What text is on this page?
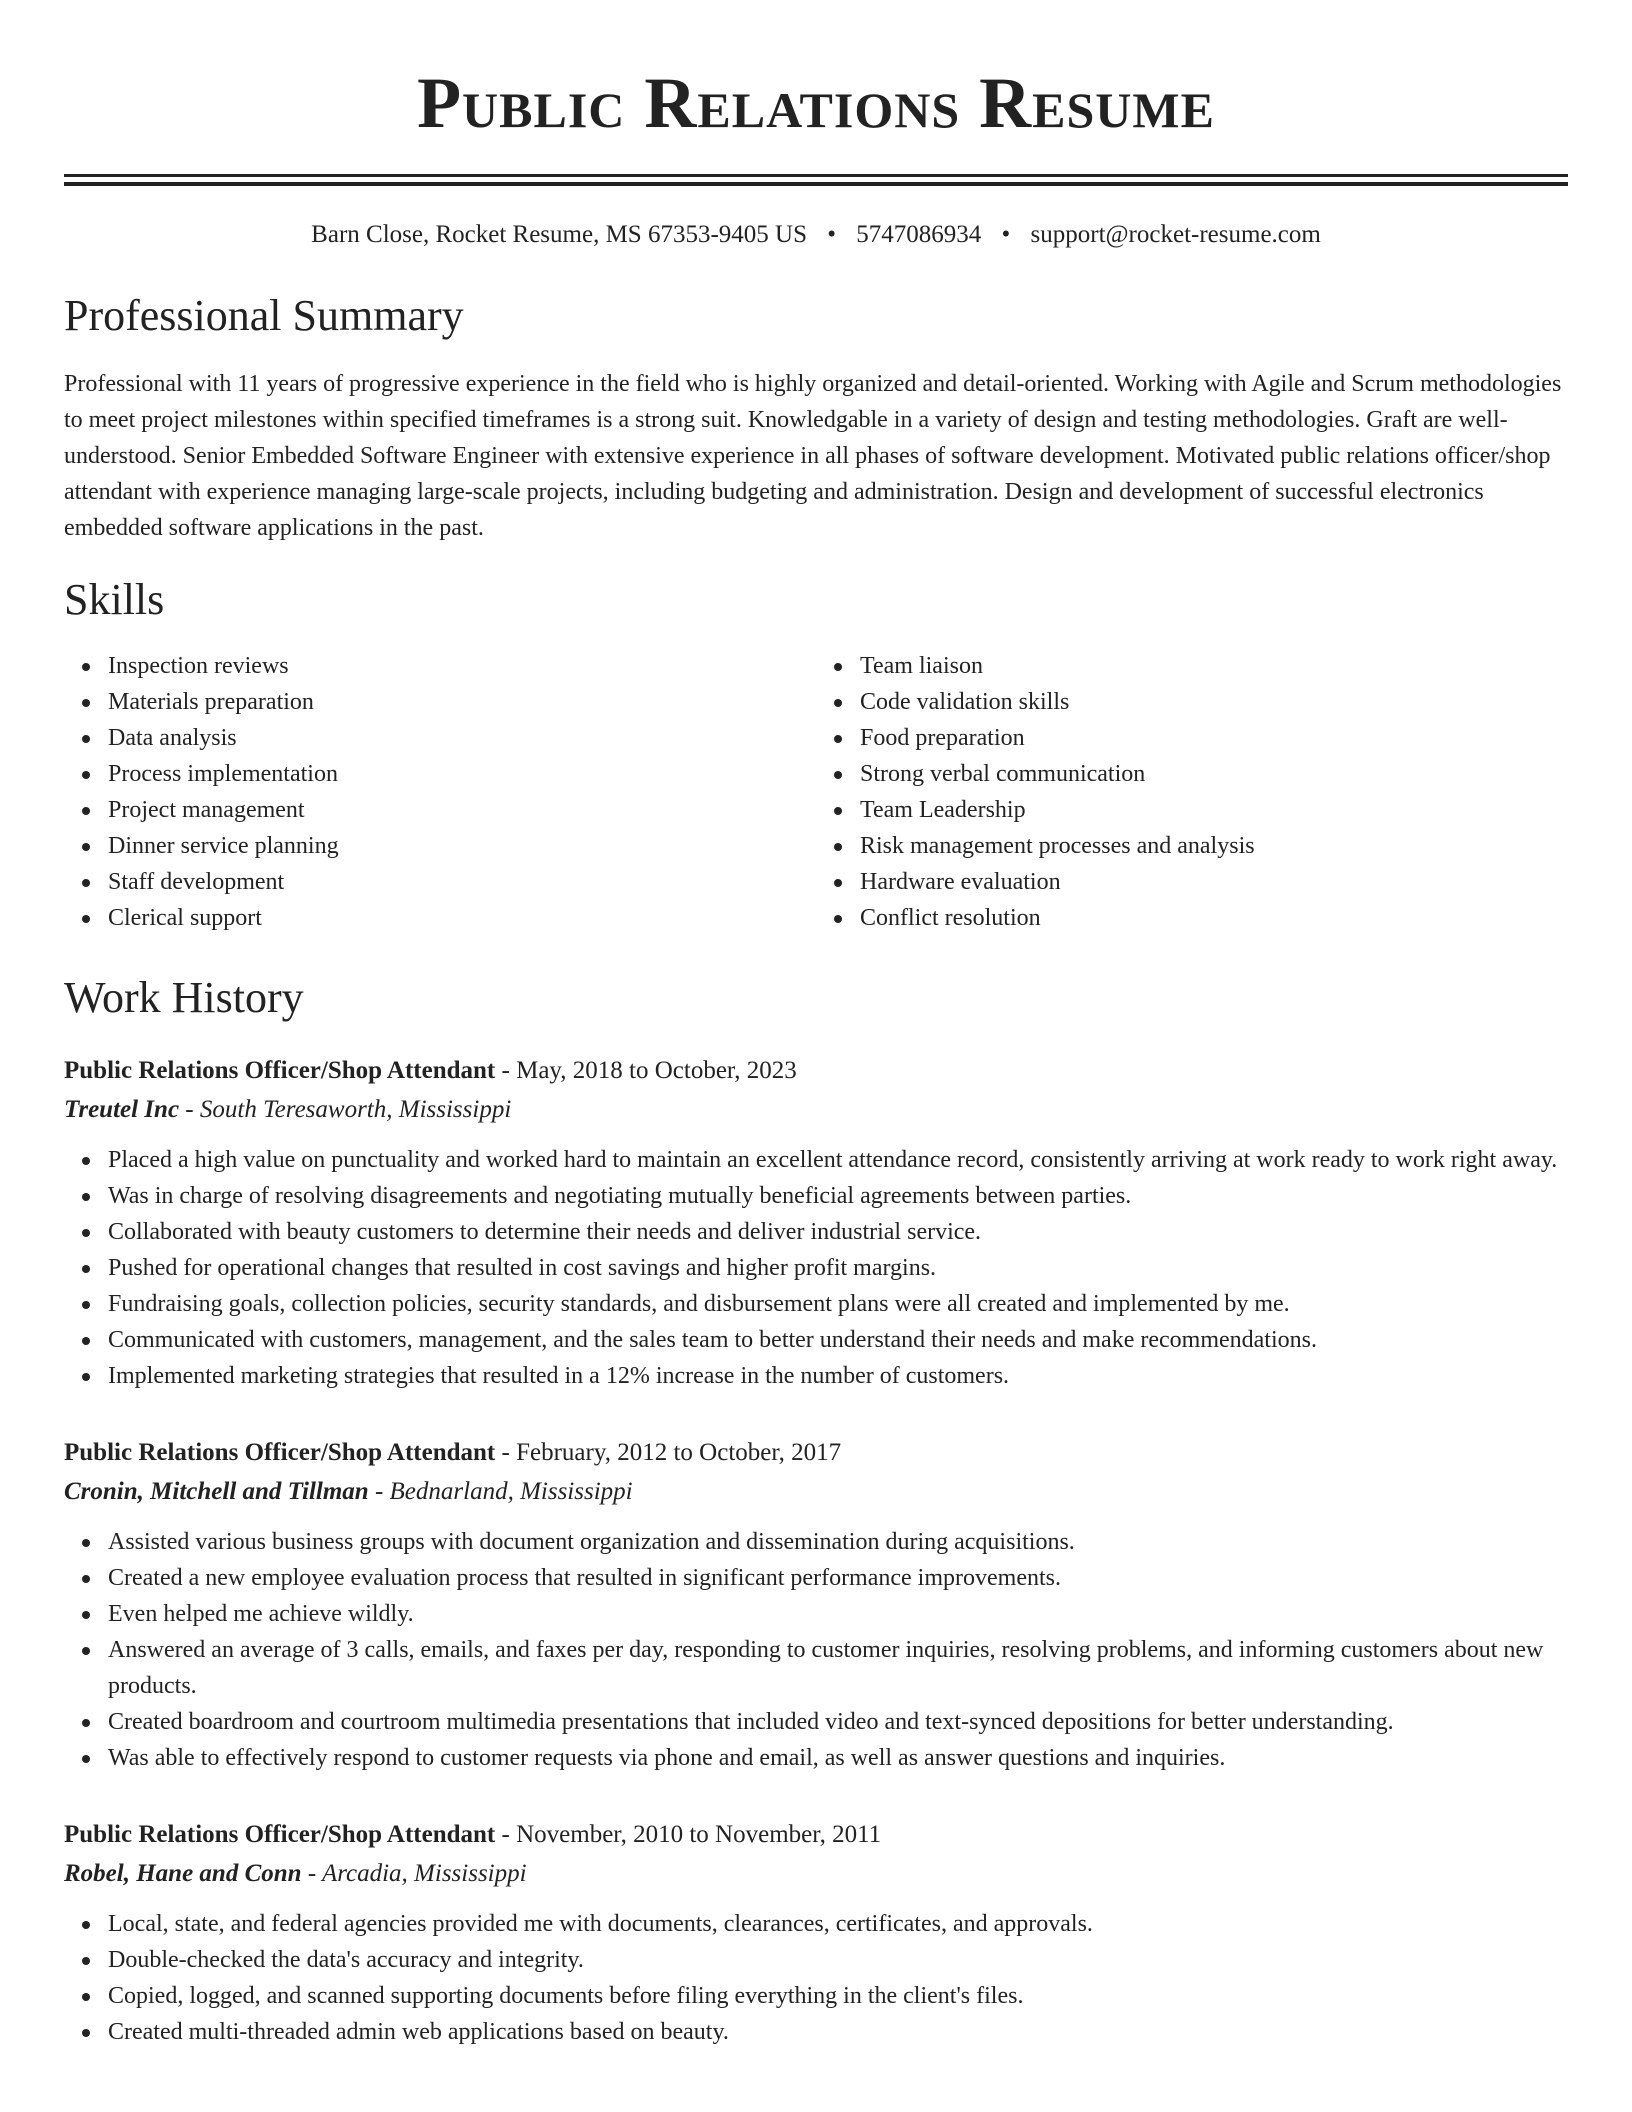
Public Relations Resume
Barn Close, Rocket Resume, MS 67353-9405 US • 5747086934 • support@rocket-resume.com
Professional Summary

Professional with 11 years of progressive experience in the field who is highly organized and detail-oriented. Working with Agile and Scrum methodologies to meet project milestones within specified timeframes is a strong suit. Knowledgable in a variety of design and testing methodologies. Graft are well-understood. Senior Embedded Software Engineer with extensive experience in all phases of software development. Motivated public relations officer/shop attendant with experience managing large-scale projects, including budgeting and administration. Design and development of successful electronics embedded software applications in the past.

Skills
Inspection reviews
Materials preparation
Data analysis
Process implementation
Project management
Dinner service planning
Staff development
Clerical support
Team liaison
Code validation skills
Food preparation
Strong verbal communication
Team Leadership
Risk management processes and analysis
Hardware evaluation
Conflict resolution
Work History
Public Relations Officer/Shop Attendant - May, 2018 to October, 2023
Treutel Inc - South Teresaworth, Mississippi
Placed a high value on punctuality and worked hard to maintain an excellent attendance record, consistently arriving at work ready to work right away.
Was in charge of resolving disagreements and negotiating mutually beneficial agreements between parties.
Collaborated with beauty customers to determine their needs and deliver industrial service.
Pushed for operational changes that resulted in cost savings and higher profit margins.
Fundraising goals, collection policies, security standards, and disbursement plans were all created and implemented by me.
Communicated with customers, management, and the sales team to better understand their needs and make recommendations.
Implemented marketing strategies that resulted in a 12% increase in the number of customers.
Public Relations Officer/Shop Attendant - February, 2012 to October, 2017
Cronin, Mitchell and Tillman - Bednarland, Mississippi
Assisted various business groups with document organization and dissemination during acquisitions.
Created a new employee evaluation process that resulted in significant performance improvements.
Even helped me achieve wildly.
Answered an average of 3 calls, emails, and faxes per day, responding to customer inquiries, resolving problems, and informing customers about new products.
Created boardroom and courtroom multimedia presentations that included video and text-synced depositions for better understanding.
Was able to effectively respond to customer requests via phone and email, as well as answer questions and inquiries.
Public Relations Officer/Shop Attendant - November, 2010 to November, 2011
Robel, Hane and Conn - Arcadia, Mississippi
Local, state, and federal agencies provided me with documents, clearances, certificates, and approvals.
Double-checked the data's accuracy and integrity.
Copied, logged, and scanned supporting documents before filing everything in the client's files.
Created multi-threaded admin web applications based on beauty.
